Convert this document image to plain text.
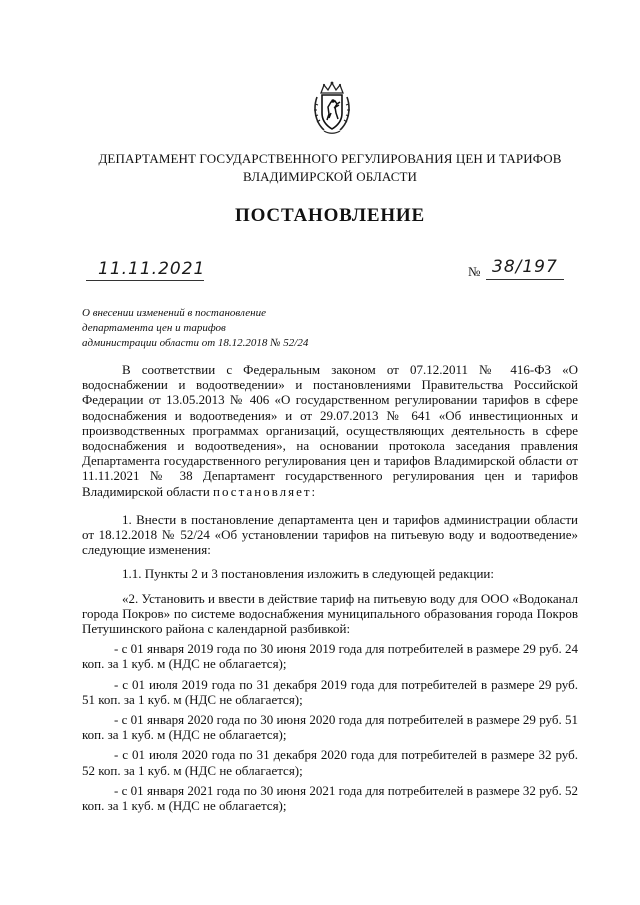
ДЕПАРТАМЕНТ ГОСУДАРСТВЕННОГО РЕГУЛИРОВАНИЯ ЦЕН И ТАРИФОВ
ВЛАДИМИРСКОЙ ОБЛАСТИ
ПОСТАНОВЛЕНИЕ
11.11.2021	№ 38/197
О внесении изменений в постановление
департамента цен и тарифов
администрации области от 18.12.2018 № 52/24

В соответствии с Федеральным законом от 07.12.2011 № 416-ФЗ «О водоснабжении и водоотведении» и постановлениями Правительства Российской Федерации от 13.05.2013 № 406 «О государственном регулировании тарифов в сфере водоснабжения и водоотведения» и от 29.07.2013 № 641 «Об инвестиционных и производственных программах организаций, осуществляющих деятельность в сфере водоснабжения и водоотведения», на основании протокола заседания правления Департамента государственного регулирования цен и тарифов Владимирской области от 11.11.2021 № 38 Департамент государственного регулирования цен и тарифов Владимирской области постановляет:

1. Внести в постановление департамента цен и тарифов администрации области от 18.12.2018 № 52/24 «Об установлении тарифов на питьевую воду и водоотведение» следующие изменения:

1.1. Пункты 2 и 3 постановления изложить в следующей редакции:

«2. Установить и ввести в действие тариф на питьевую воду для ООО «Водоканал города Покров» по системе водоснабжения муниципального образования города Покров Петушинского района с календарной разбивкой:

- с 01 января 2019 года по 30 июня 2019 года для потребителей в размере 29 руб. 24 коп. за 1 куб. м (НДС не облагается);

- с 01 июля 2019 года по 31 декабря 2019 года для потребителей в размере 29 руб. 51 коп. за 1 куб. м (НДС не облагается);

- с 01 января 2020 года по 30 июня 2020 года для потребителей в размере 29 руб. 51 коп. за 1 куб. м (НДС не облагается);

- с 01 июля 2020 года по 31 декабря 2020 года для потребителей в размере 32 руб. 52 коп. за 1 куб. м (НДС не облагается);

- с 01 января 2021 года по 30 июня 2021 года для потребителей в размере 32 руб. 52 коп. за 1 куб. м (НДС не облагается);
